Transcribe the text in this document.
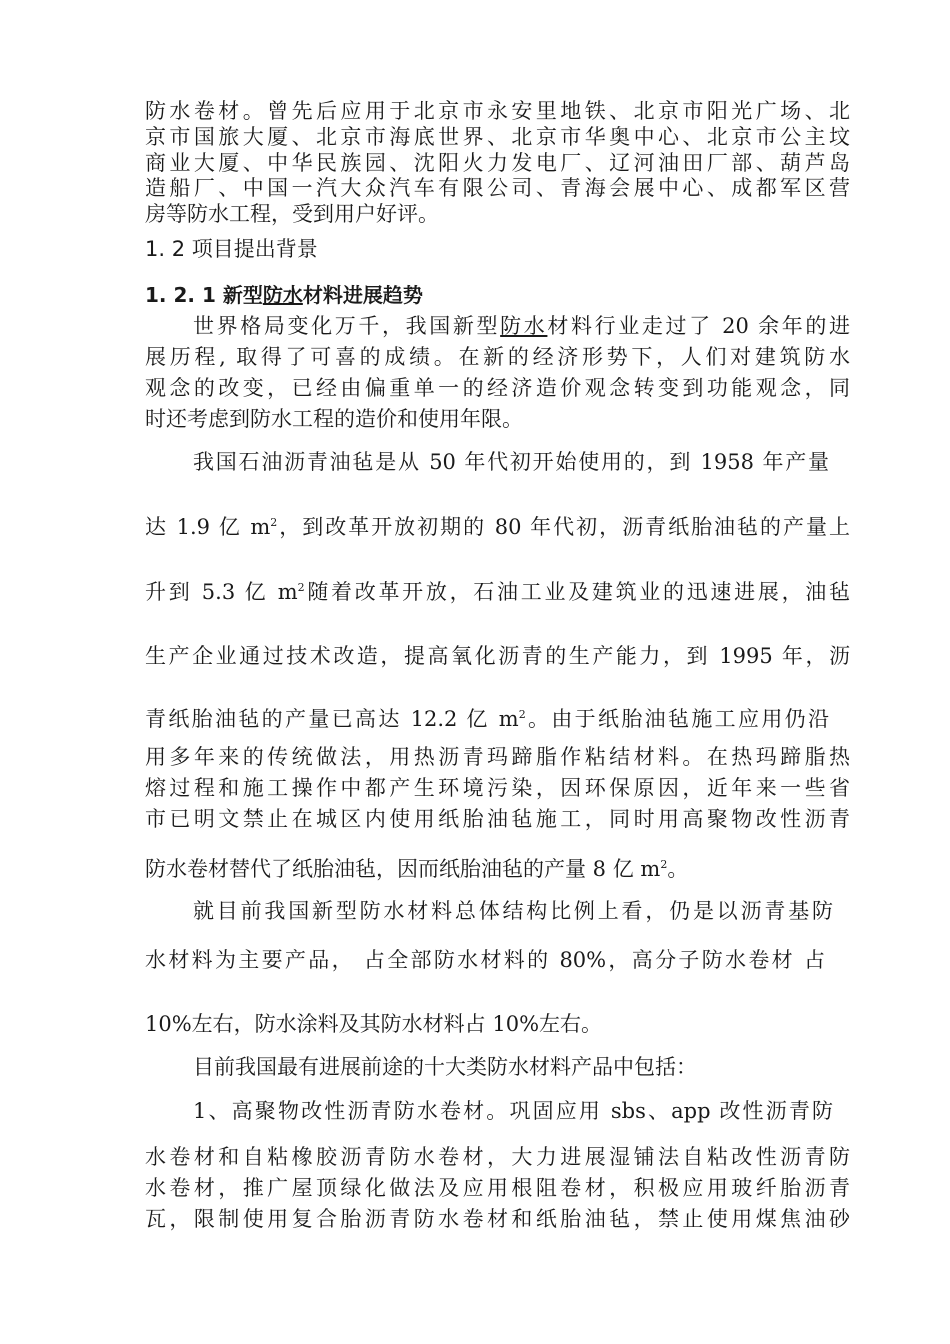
防水卷材。曾先后应用于北京市永安里地铁、北京市阳光广场、北
京市国旅大厦、北京市海底世界、北京市华奥中心、北京市公主坟
商业大厦、中华民族园、沈阳火力发电厂、辽河油田厂部、葫芦岛
造船厂、中国一汽大众汽车有限公司、青海会展中心、成都军区营
房等防水工程，受到用户好评。
1. 2 项目提出背景
1. 2. 1 新型防水材料进展趋势
世界格局变化万千，我国新型防水材料行业走过了 20 余年的进
展历程, 取得了可喜的成绩。在新的经济形势下，人们对建筑防水
观念的改变，已经由偏重单一的经济造价观念转变到功能观念，同
时还考虑到防水工程的造价和使用年限。
我国石油沥青油毡是从 50 年代初开始使用的，到 1958 年产量
达 1.9 亿 $m^2$，到改革开放初期的 80 年代初，沥青纸胎油毡的产量上
升到 5.3 亿 $m^2$随着改革开放，石油工业及建筑业的迅速进展，油毡
生产企业通过技术改造，提高氧化沥青的生产能力，到 1995 年，沥
青纸胎油毡的产量已高达 12.2 亿 $m^2$。由于纸胎油毡施工应用仍沿
用多年来的传统做法，用热沥青玛蹄脂作粘结材料。在热玛蹄脂热
熔过程和施工操作中都产生环境污染，因环保原因，近年来一些省
市已明文禁止在城区内使用纸胎油毡施工，同时用高聚物改性沥青
防水卷材替代了纸胎油毡，因而纸胎油毡的产量 8 亿 $m^2$。
就目前我国新型防水材料总体结构比例上看，仍是以沥青基防
水材料为主要产品， 占全部防水材料的 80%，高分子防水卷材 占
10%左右，防水涂料及其防水材料占 10%左右。
目前我国最有进展前途的十大类防水材料产品中包括：
1、高聚物改性沥青防水卷材。巩固应用 sbs、app 改性沥青防
水卷材和自粘橡胶沥青防水卷材，大力进展湿铺法自粘改性沥青防
水卷材，推广屋顶绿化做法及应用根阻卷材，积极应用玻纤胎沥青
瓦，限制使用复合胎沥青防水卷材和纸胎油毡，禁止使用煤焦油砂
